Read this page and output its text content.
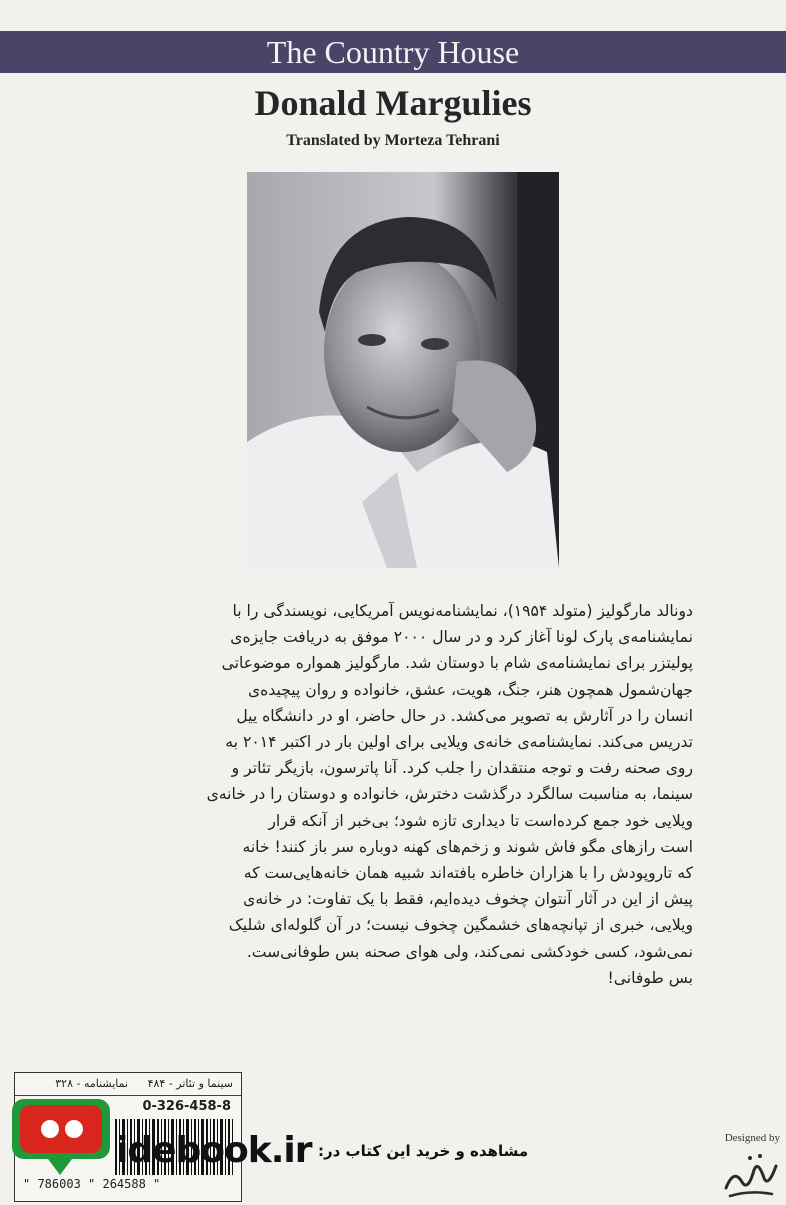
The Country House
Donald Margulies
Translated by Morteza Tehrani
دونالد مارگولیز (متولد ۱۹۵۴)، نمایشنامه‌نویس آمریکایی، نویسندگی را با
نمایشنامه‌ی پارک لونا آغاز کرد و در سال ۲۰۰۰ موفق به دریافت جایزه‌ی
پولیتزر برای نمایشنامه‌ی شام با دوستان شد. مارگولیز همواره موضوعاتی
جهان‌شمول همچون هنر، جنگ، هویت، عشق، خانواده و روان پیچیده‌ی
انسان را در آثارش به تصویر می‌کشد. در حال حاضر، او در دانشگاه ییل
تدریس می‌کند. نمایشنامه‌ی خانه‌ی ویلایی برای اولین بار در اکتبر ۲۰۱۴ به
روی صحنه رفت و توجه منتقدان را جلب کرد. آنا پاترسون، بازیگر تئاتر و
سینما، به مناسبت سالگرد درگذشت دخترش، خانواده و دوستان را در خانه‌ی
ویلایی خود جمع کرده‌است تا دیداری تازه شود؛ بی‌خبر از آنکه قرار
است رازهای مگو فاش شوند و زخم‌های کهنه دوباره سر باز کنند! خانه
که تاروپودش را با هزاران خاطره بافته‌اند شبیه همان خانه‌هایی‌ست که
پیش از این در آثار آنتوان چخوف دیده‌ایم، فقط با یک تفاوت: در خانه‌ی
ویلایی، خبری از تپانچه‌های خشمگین چخوف نیست؛ در آن گلوله‌ای شلیک
نمی‌شود، کسی خودکشی نمی‌کند، ولی هوای صحنه بس طوفانی‌ست.
بس طوفانی!
سینما و تئاتر - ۴۸۴ نمایشنامه - ۳۲۸
0-326-458-8
" 786003 " 264588 "
idebook.ir مشاهده و خرید این کتاب در:
Designed by
